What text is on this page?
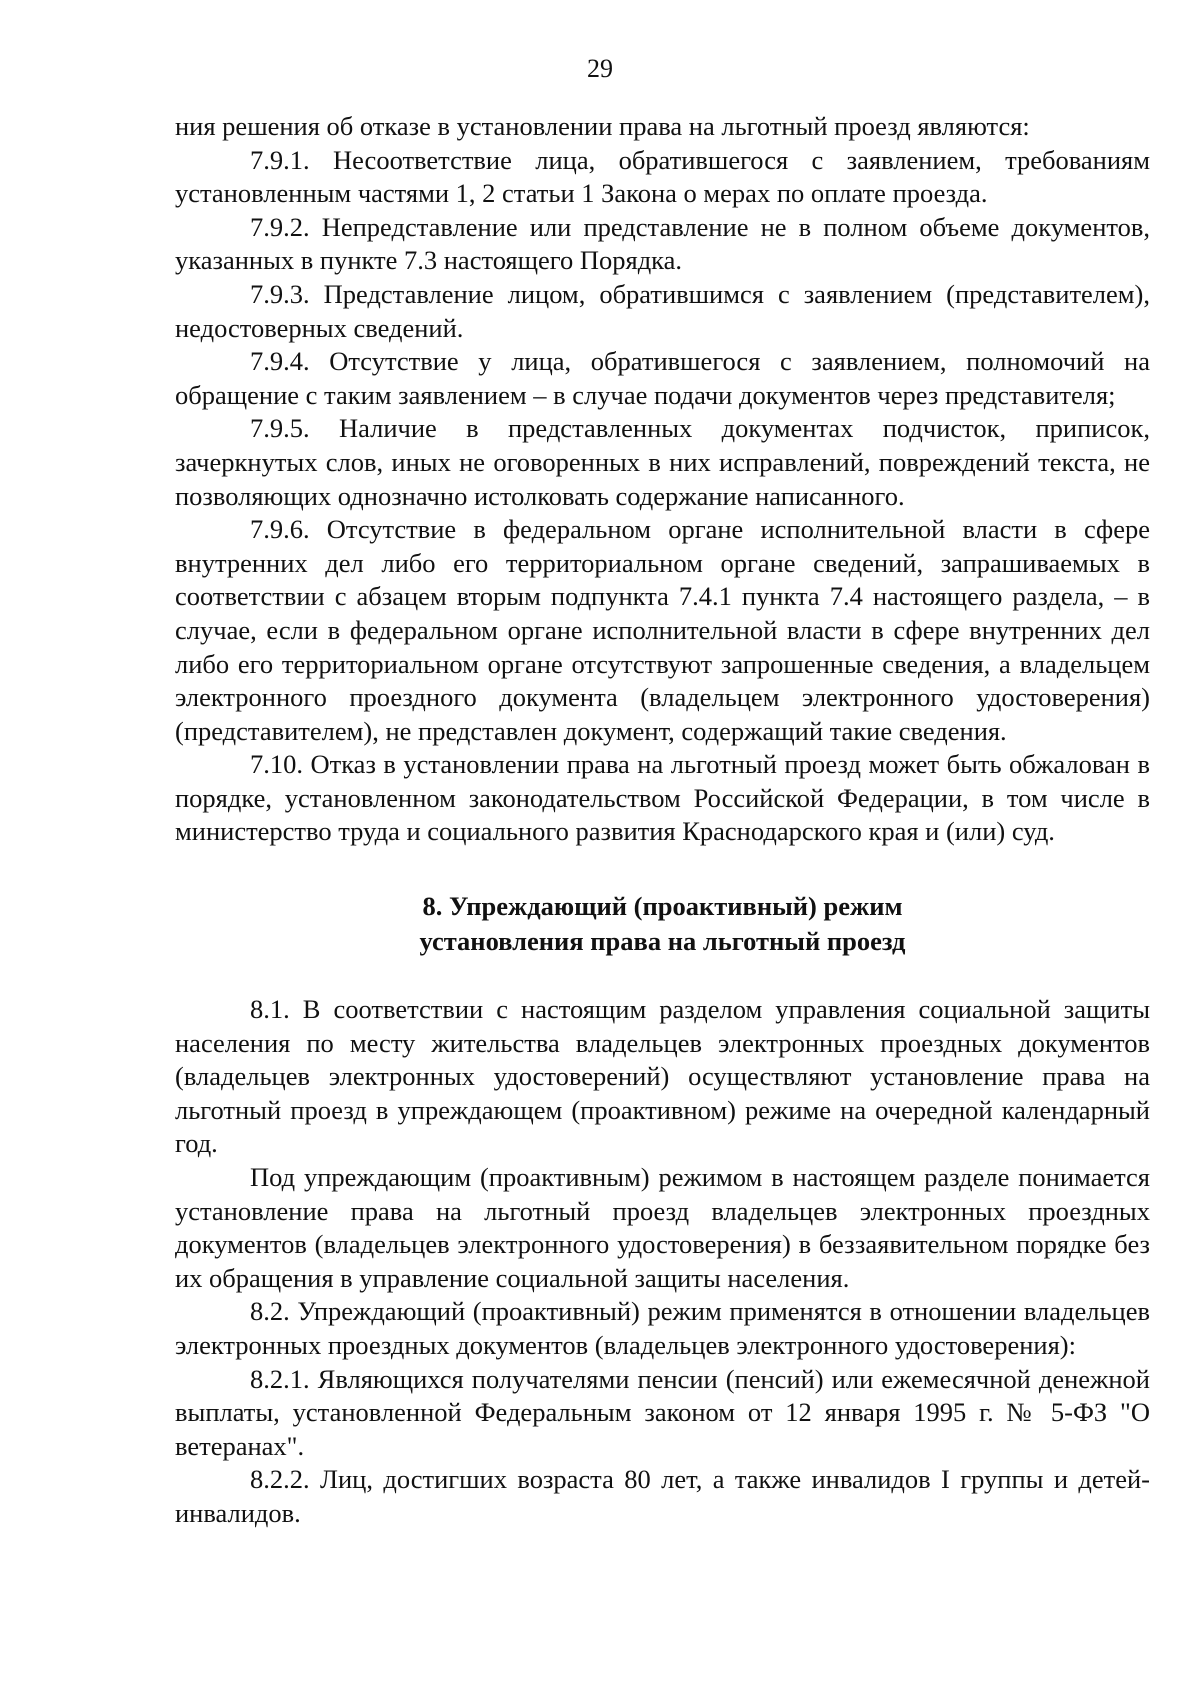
29

ния решения об отказе в установлении права на льготный проезд являются:

7.9.1. Несоответствие лица, обратившегося с заявлением, требованиям установленным частями 1, 2 статьи 1 Закона о мерах по оплате проезда.

7.9.2. Непредставление или представление не в полном объеме документов, указанных в пункте 7.3 настоящего Порядка.

7.9.3. Представление лицом, обратившимся с заявлением (представителем), недостоверных сведений.

7.9.4. Отсутствие у лица, обратившегося с заявлением, полномочий на обращение с таким заявлением – в случае подачи документов через представителя;

7.9.5. Наличие в представленных документах подчисток, приписок, зачеркнутых слов, иных не оговоренных в них исправлений, повреждений текста, не позволяющих однозначно истолковать содержание написанного.

7.9.6. Отсутствие в федеральном органе исполнительной власти в сфере внутренних дел либо его территориальном органе сведений, запрашиваемых в соответствии с абзацем вторым подпункта 7.4.1 пункта 7.4 настоящего раздела, – в случае, если в федеральном органе исполнительной власти в сфере внутренних дел либо его территориальном органе отсутствуют запрошенные сведения, а владельцем электронного проездного документа (владельцем электронного удостоверения) (представителем), не представлен документ, содержащий такие сведения.

7.10. Отказ в установлении права на льготный проезд может быть обжалован в порядке, установленном законодательством Российской Федерации, в том числе в министерство труда и социального развития Краснодарского края и (или) суд.

8. Упреждающий (проактивный) режим
установления права на льготный проезд

8.1. В соответствии с настоящим разделом управления социальной защиты населения по месту жительства владельцев электронных проездных документов (владельцев электронных удостоверений) осуществляют установление права на льготный проезд в упреждающем (проактивном) режиме на очередной календарный год.

Под упреждающим (проактивным) режимом в настоящем разделе понимается установление права на льготный проезд владельцев электронных проездных документов (владельцев электронного удостоверения) в беззаявительном порядке без их обращения в управление социальной защиты населения.

8.2. Упреждающий (проактивный) режим применятся в отношении владельцев электронных проездных документов (владельцев электронного удостоверения):

8.2.1. Являющихся получателями пенсии (пенсий) или ежемесячной денежной выплаты, установленной Федеральным законом от 12 января 1995 г. № 5-ФЗ "О ветеранах".

8.2.2. Лиц, достигших возраста 80 лет, а также инвалидов I группы и детей-инвалидов.
